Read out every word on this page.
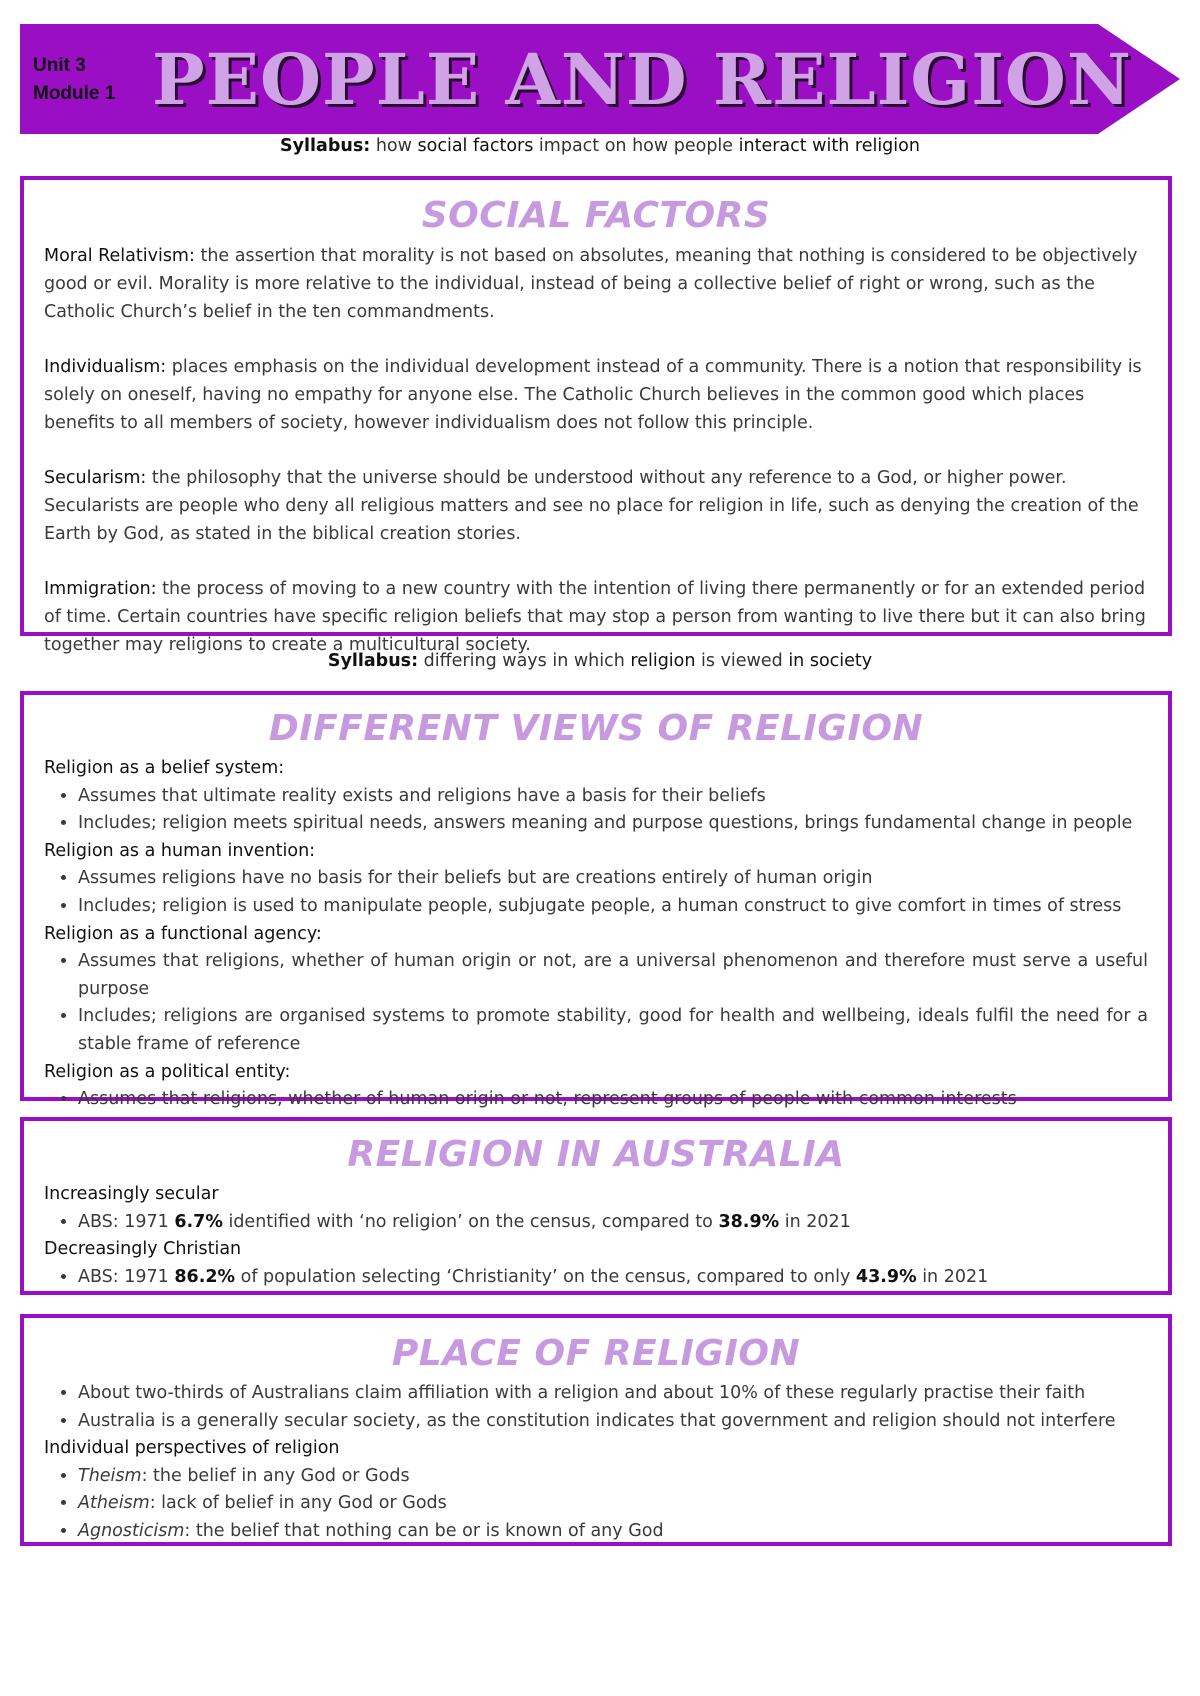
Unit 3
Module 1 PEOPLE AND RELIGION

Syllabus: how social factors impact on how people interact with religion

SOCIAL FACTORS

Moral Relativism: the assertion that morality is not based on absolutes, meaning that nothing is considered to be objectively good or evil. Morality is more relative to the individual, instead of being a collective belief of right or wrong, such as the Catholic Church’s belief in the ten commandments.

Individualism: places emphasis on the individual development instead of a community. There is a notion that responsibility is solely on oneself, having no empathy for anyone else. The Catholic Church believes in the common good which places benefits to all members of society, however individualism does not follow this principle.

Secularism: the philosophy that the universe should be understood without any reference to a God, or higher power. Secularists are people who deny all religious matters and see no place for religion in life, such as denying the creation of the Earth by God, as stated in the biblical creation stories.

Immigration: the process of moving to a new country with the intention of living there permanently or for an extended period of time. Certain countries have specific religion beliefs that may stop a person from wanting to live there but it can also bring together may religions to create a multicultural society.

Syllabus: differing ways in which religion is viewed in society

DIFFERENT VIEWS OF RELIGION
Religion as a belief system:
• Assumes that ultimate reality exists and religions have a basis for their beliefs
• Includes; religion meets spiritual needs, answers meaning and purpose questions, brings fundamental change in people
Religion as a human invention:
• Assumes religions have no basis for their beliefs but are creations entirely of human origin
• Includes; religion is used to manipulate people, subjugate people, a human construct to give comfort in times of stress
Religion as a functional agency:
• Assumes that religions, whether of human origin or not, are a universal phenomenon and therefore must serve a useful purpose
• Includes; religions are organised systems to promote stability, good for health and wellbeing, ideals fulfil the need for a stable frame of reference
Religion as a political entity:
• Assumes that religions, whether of human origin or not, represent groups of people with common interests
•
RELIGION IN AUSTRALIA
Increasingly secular
• ABS: 1971 6.7% identified with ‘no religion’ on the census, compared to 38.9% in 2021
Decreasingly Christian
• ABS: 1971 86.2% of population selecting ‘Christianity’ on the census, compared to only 43.9% in 2021
PLACE OF RELIGION
• About two-thirds of Australians claim affiliation with a religion and about 10% of these regularly practise their faith
• Australia is a generally secular society, as the constitution indicates that government and religion should not interfere
Individual perspectives of religion
• Theism: the belief in any God or Gods
• Atheism: lack of belief in any God or Gods
• Agnosticism: the belief that nothing can be or is known of any God
